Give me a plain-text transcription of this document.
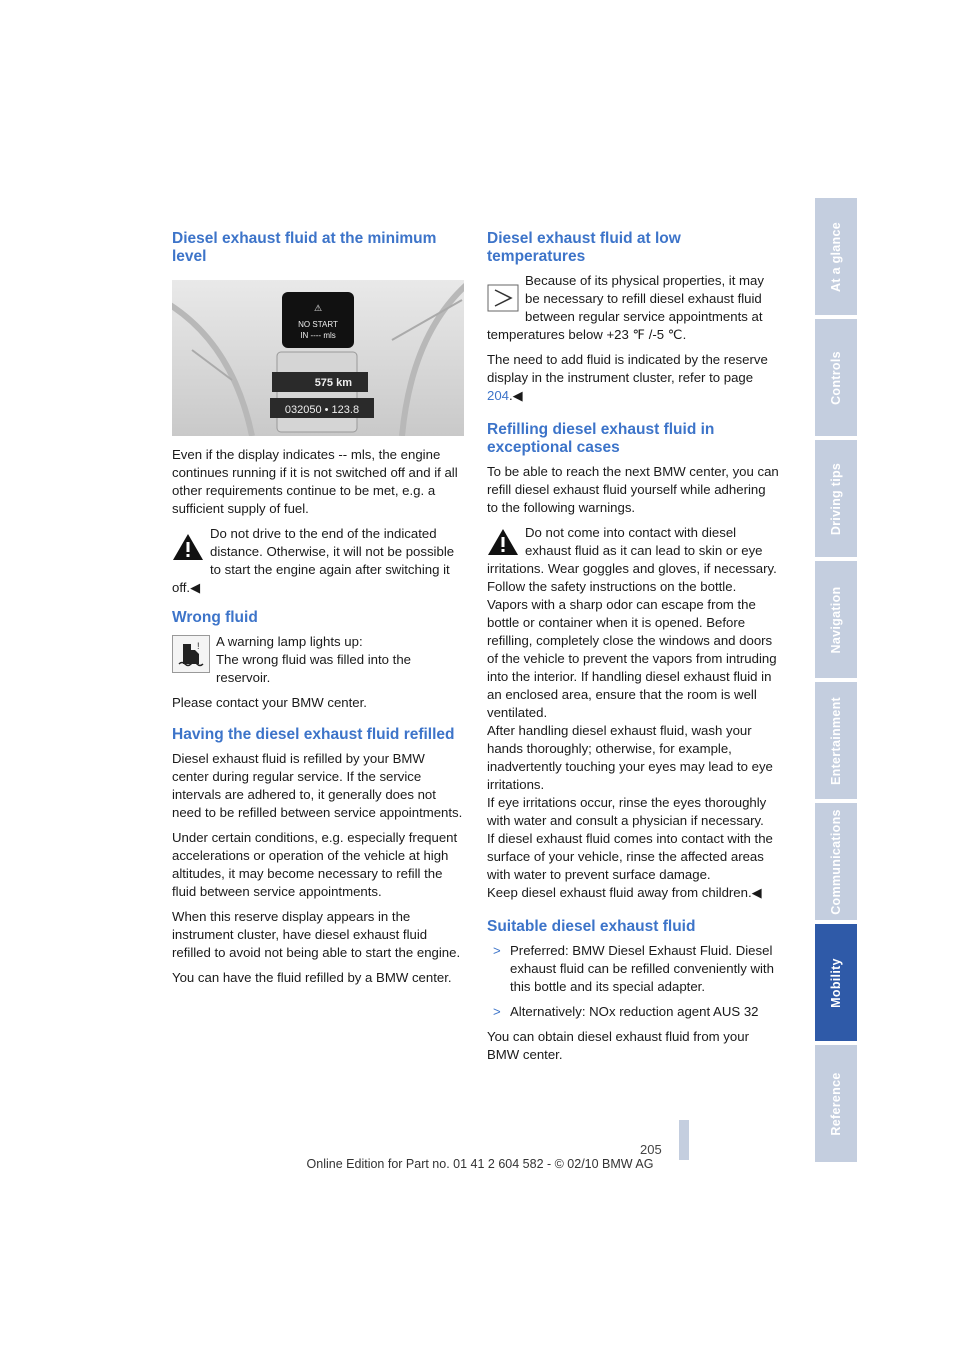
Diesel exhaust fluid at the minimum level
⚠
NO START
IN ---- mls
575 km
032050 • 123.8

Even if the display indicates -- mls, the engine continues running if it is not switched off and if all other requirements continue to be met, e.g. a sufficient supply of fuel.

Do not drive to the end of the indicated distance. Otherwise, it will not be possible to start the engine again after switching it off.◀

Wrong fluid
!	A warning lamp lights up:

The wrong fluid was filled into the reservoir.

Please contact your BMW center.

Having the diesel exhaust fluid refilled

Diesel exhaust fluid is refilled by your BMW center during regular service. If the service intervals are adhered to, it generally does not need to be refilled between service appointments.

Under certain conditions, e.g. especially frequent accelerations or operation of the vehicle at high altitudes, it may become necessary to refill the fluid between service appointments.

When this reserve display appears in the instrument cluster, have diesel exhaust fluid refilled to avoid not being able to start the engine.

You can have the fluid refilled by a BMW center.

Diesel exhaust fluid at low temperatures

Because of its physical properties, it may be necessary to refill diesel exhaust fluid between regular service appointments at temperatures below +23 ℉ /-5 ℃.

The need to add fluid is indicated by the reserve display in the instrument cluster, refer to page 204.◀

Refilling diesel exhaust fluid in exceptional cases

To be able to reach the next BMW center, you can refill diesel exhaust fluid yourself while adhering to the following warnings.

Do not come into contact with diesel exhaust fluid as it can lead to skin or eye irritations. Wear goggles and gloves, if necessary. Follow the safety instructions on the bottle.

Vapors with a sharp odor can escape from the bottle or container when it is opened. Before refilling, completely close the windows and doors of the vehicle to prevent the vapors from intruding into the interior. If handling diesel exhaust fluid in an enclosed area, ensure that the room is well ventilated.

After handling diesel exhaust fluid, wash your hands thoroughly; otherwise, for example, inadvertently touching your eyes may lead to eye irritations.

If eye irritations occur, rinse the eyes thoroughly with water and consult a physician if necessary.

If diesel exhaust fluid comes into contact with the surface of your vehicle, rinse the affected areas with water to prevent surface damage.

Keep diesel exhaust fluid away from children.◀

Suitable diesel exhaust fluid
> Preferred: BMW Diesel Exhaust Fluid. Diesel exhaust fluid can be refilled conveniently with this bottle and its special adapter.
> Alternatively: NOx reduction agent AUS 32

You can obtain diesel exhaust fluid from your BMW center.

At a glance
Controls
Driving tips
Navigation
Entertainment
Communications
Mobility
Reference
205
Online Edition for Part no. 01 41 2 604 582 - © 02/10 BMW AG
